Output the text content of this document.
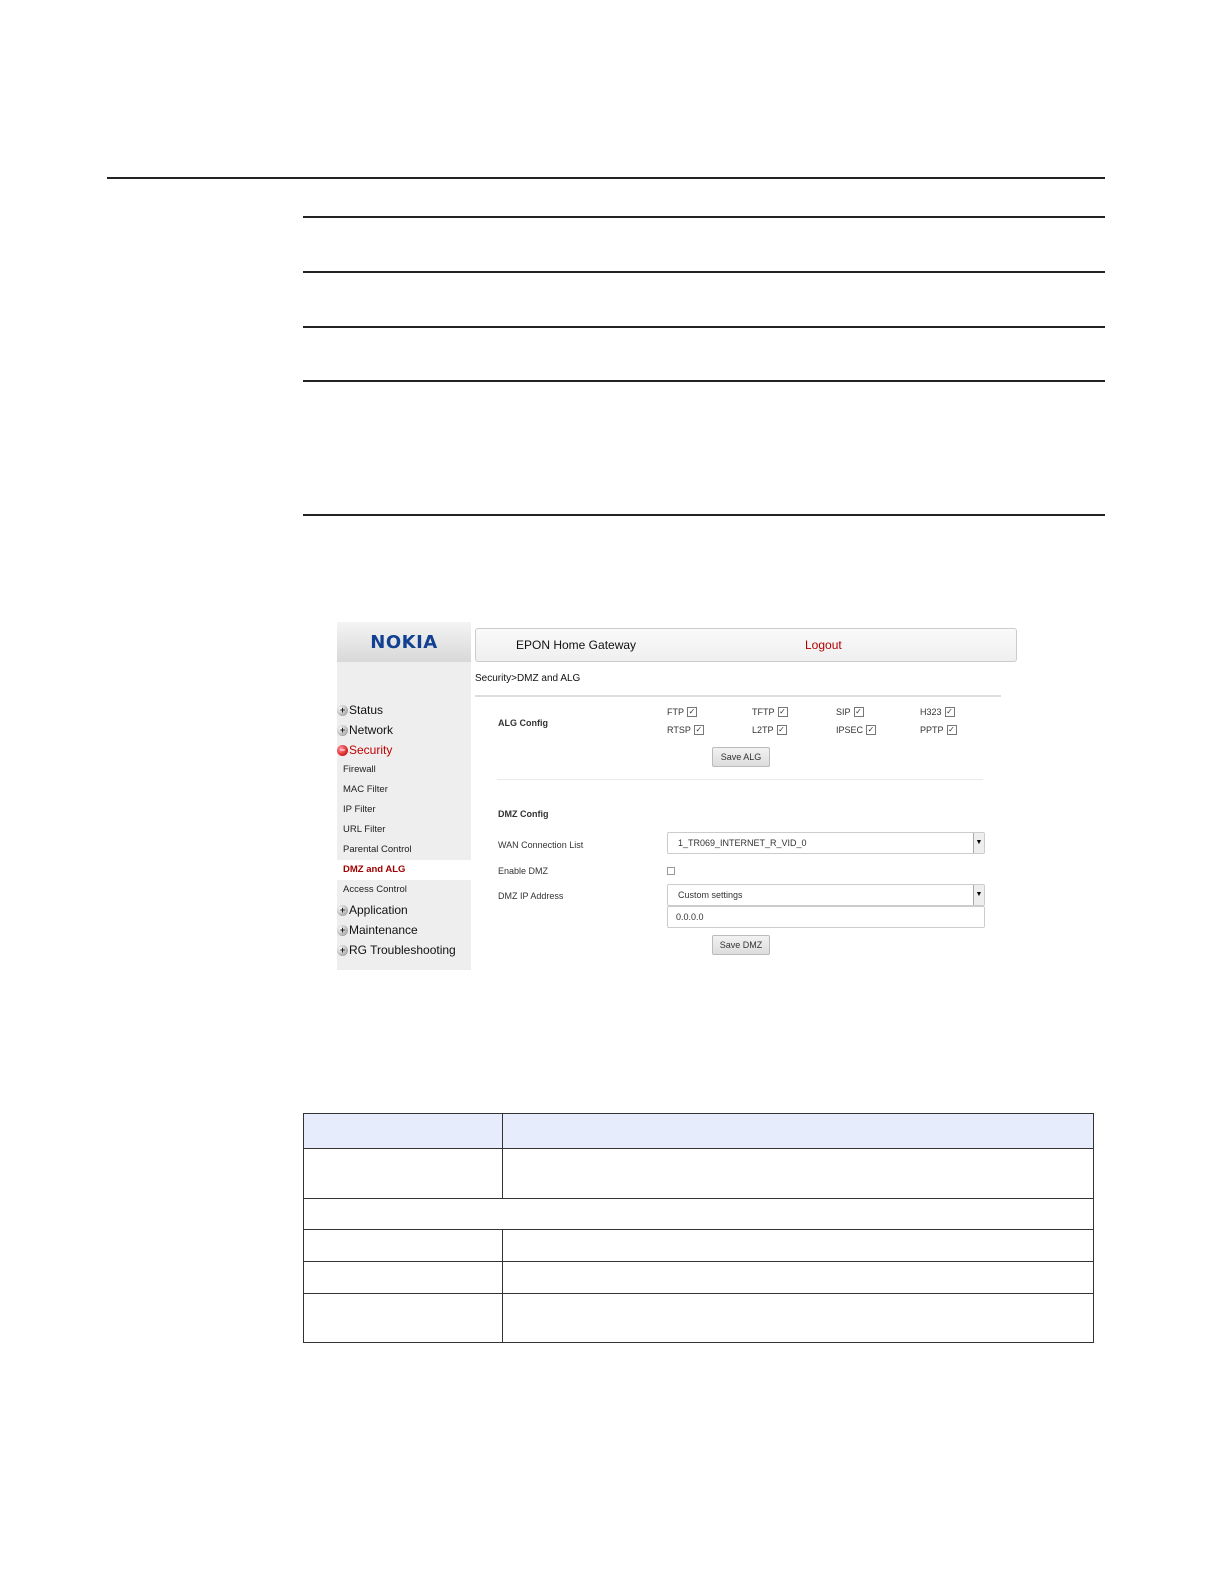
NOKIA
+ Status
+ Network
− Security
Firewall
MAC Filter
IP Filter
URL Filter
Parental Control
DMZ and ALG
Access Control
+ Application
+ Maintenance
+ RG Troubleshooting
EPON Home Gateway	Logout
Security>DMZ and ALG
ALG Config
FTP ✓	TFTP ✓	SIP ✓	H323 ✓
RTSP ✓	L2TP ✓	IPSEC ✓	PPTP ✓
Save ALG
DMZ Config
WAN Connection List	1_TR069_INTERNET_R_VID_0	▼
Enable DMZ
DMZ IP Address	Custom settings	▼
0.0.0.0
Save DMZ
